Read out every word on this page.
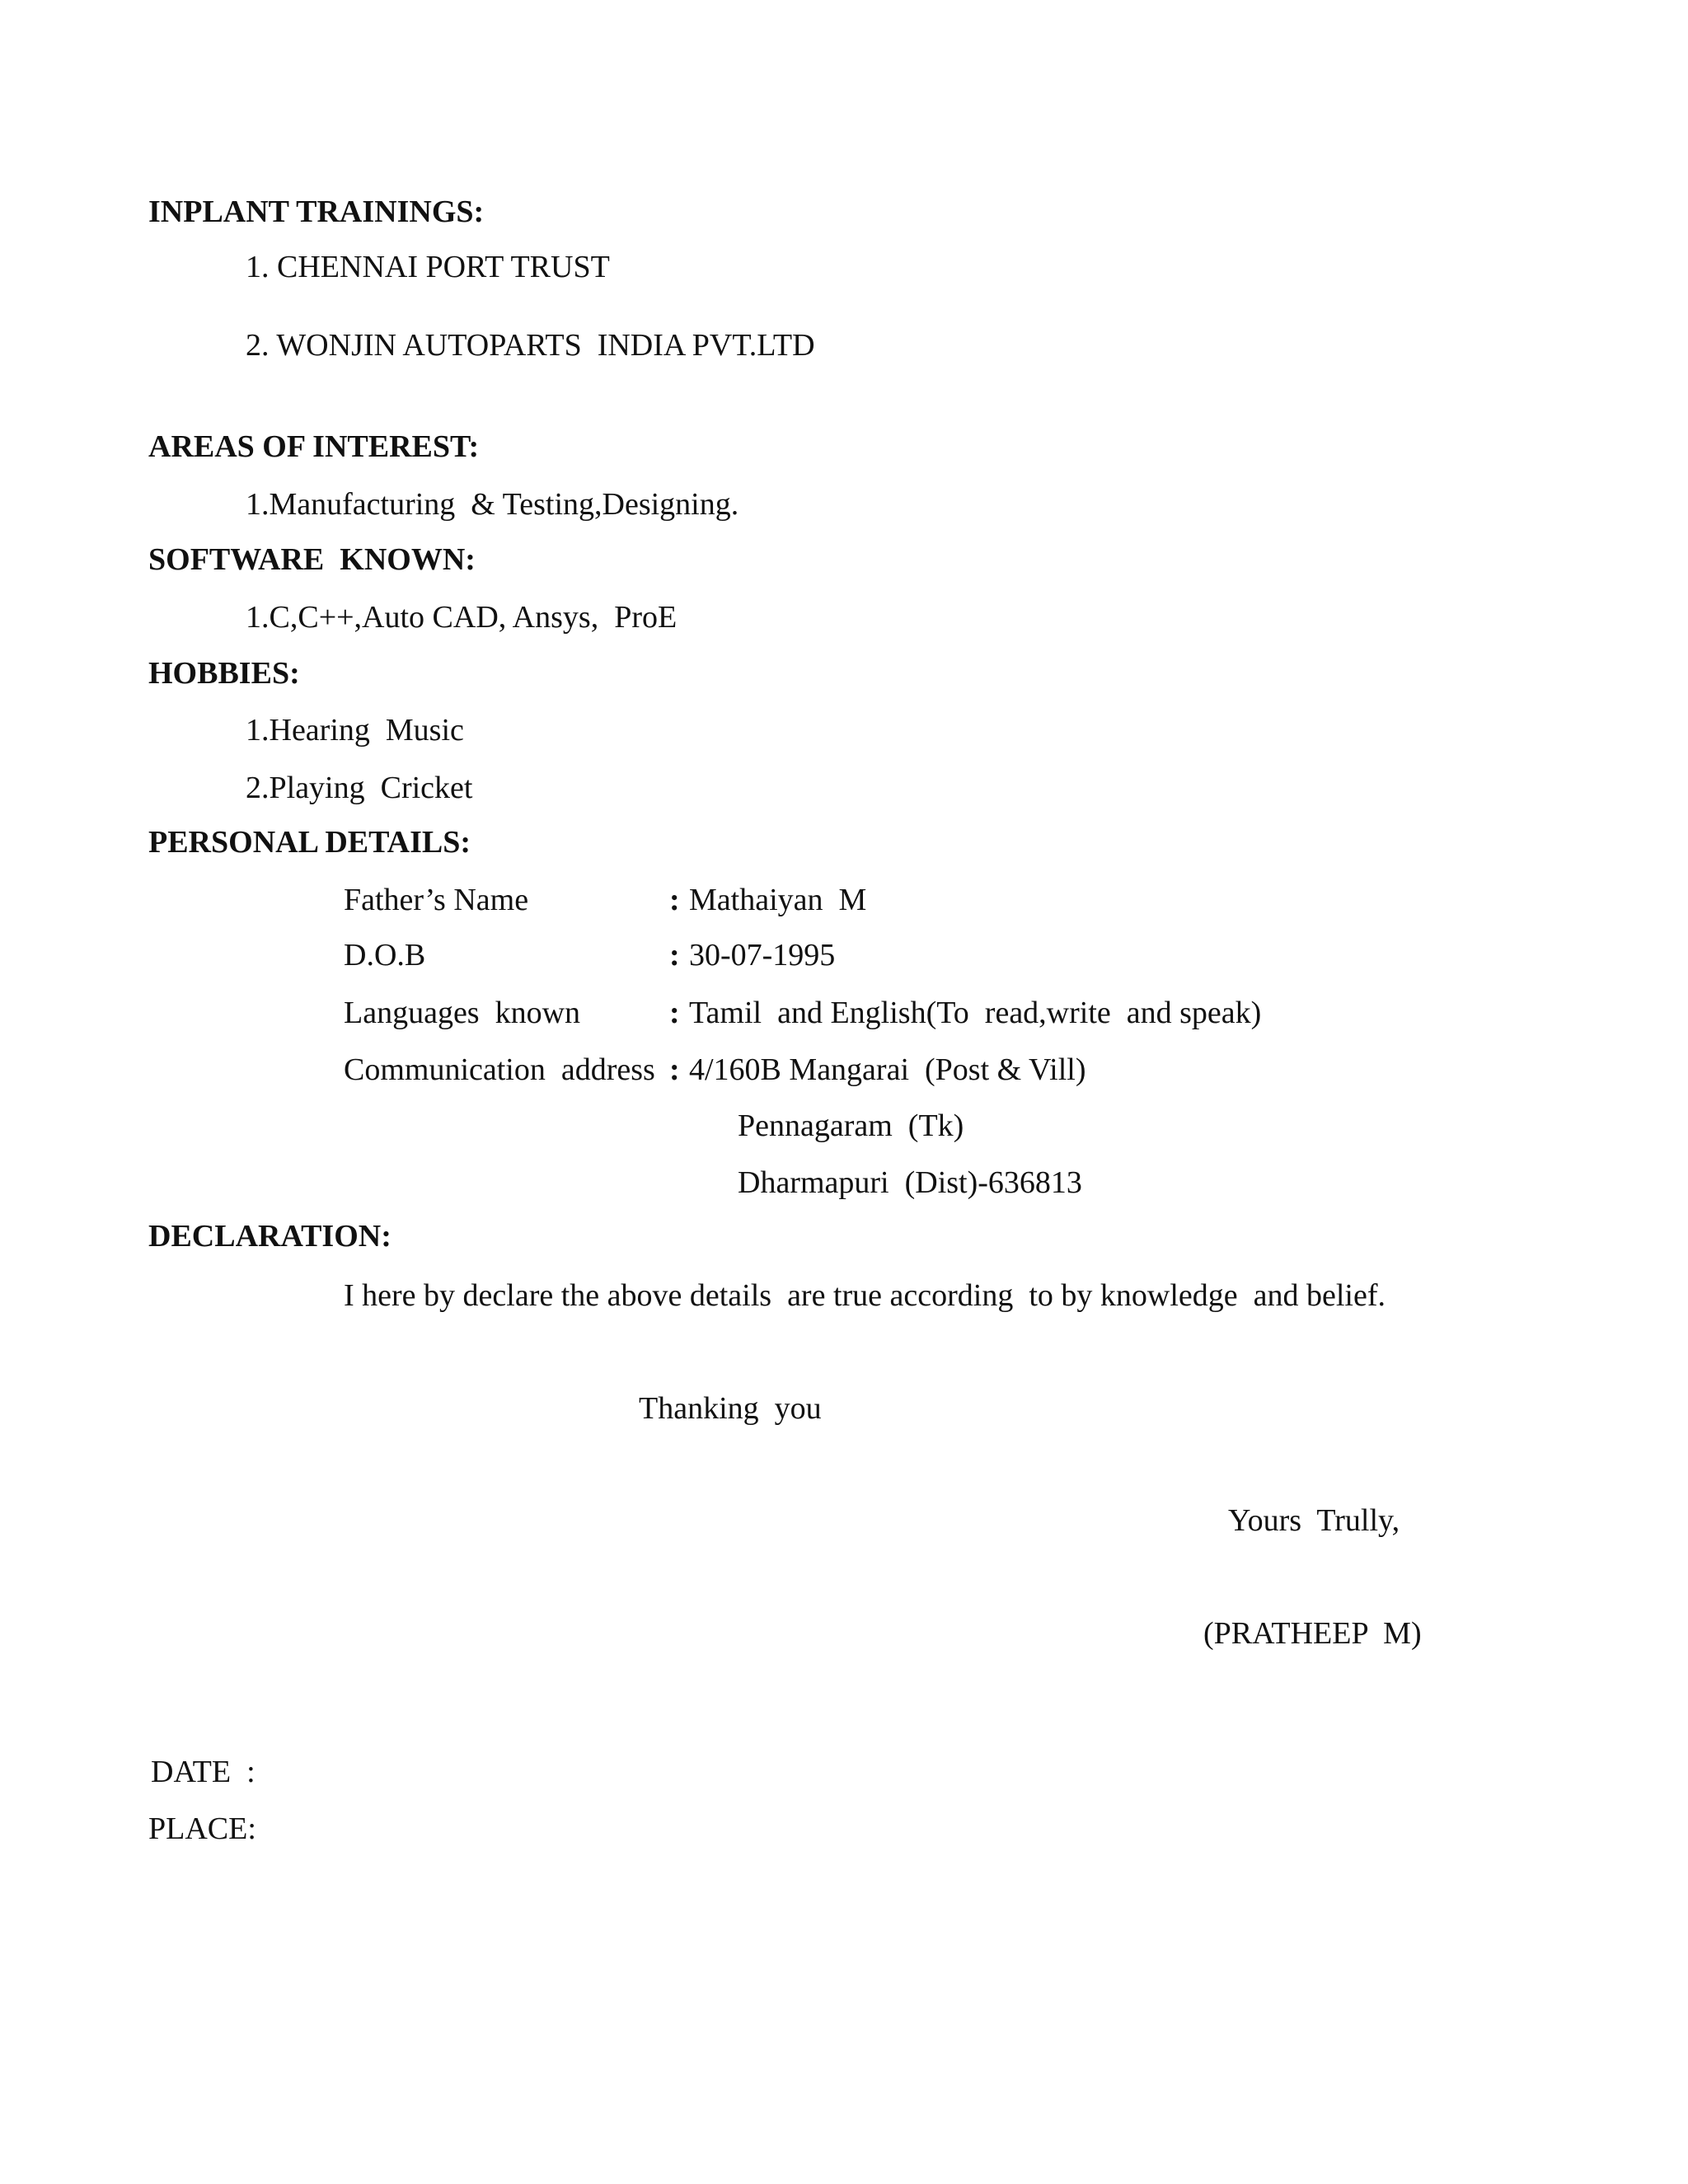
INPLANT TRAININGS:
1. CHENNAI PORT TRUST
2. WONJIN AUTOPARTS  INDIA PVT.LTD
AREAS OF INTEREST:
1.Manufacturing  & Testing,Designing.
SOFTWARE  KNOWN:
1.C,C++,Auto CAD, Ansys,  ProE
HOBBIES:
1.Hearing  Music
2.Playing  Cricket
PERSONAL DETAILS:
Father’s Name	: Mathaiyan  M
D.O.B	: 30-07-1995
Languages  known	: Tamil  and English(To  read,write  and speak)
Communication  address : 4/160B Mangarai  (Post & Vill)
Pennagaram  (Tk)
Dharmapuri  (Dist)-636813
DECLARATION:
I here by declare the above details  are true according  to by knowledge  and belief.
Thanking  you
Yours  Trully,
(PRATHEEP  M)
DATE  :
PLACE:
